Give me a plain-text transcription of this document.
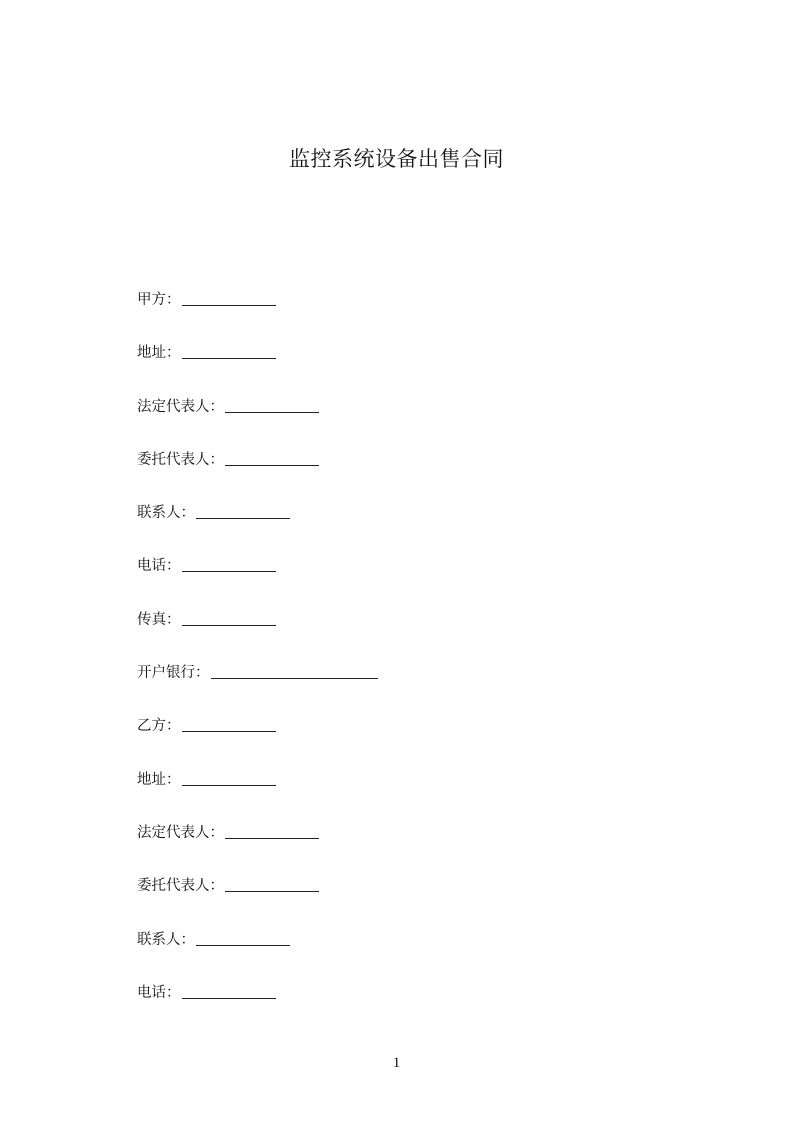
监控系统设备出售合同
甲方：
地址：
法定代表人：
委托代表人：
联系人：
电话：
传真：
开户银行：
乙方：
地址：
法定代表人：
委托代表人：
联系人：
电话：
1
